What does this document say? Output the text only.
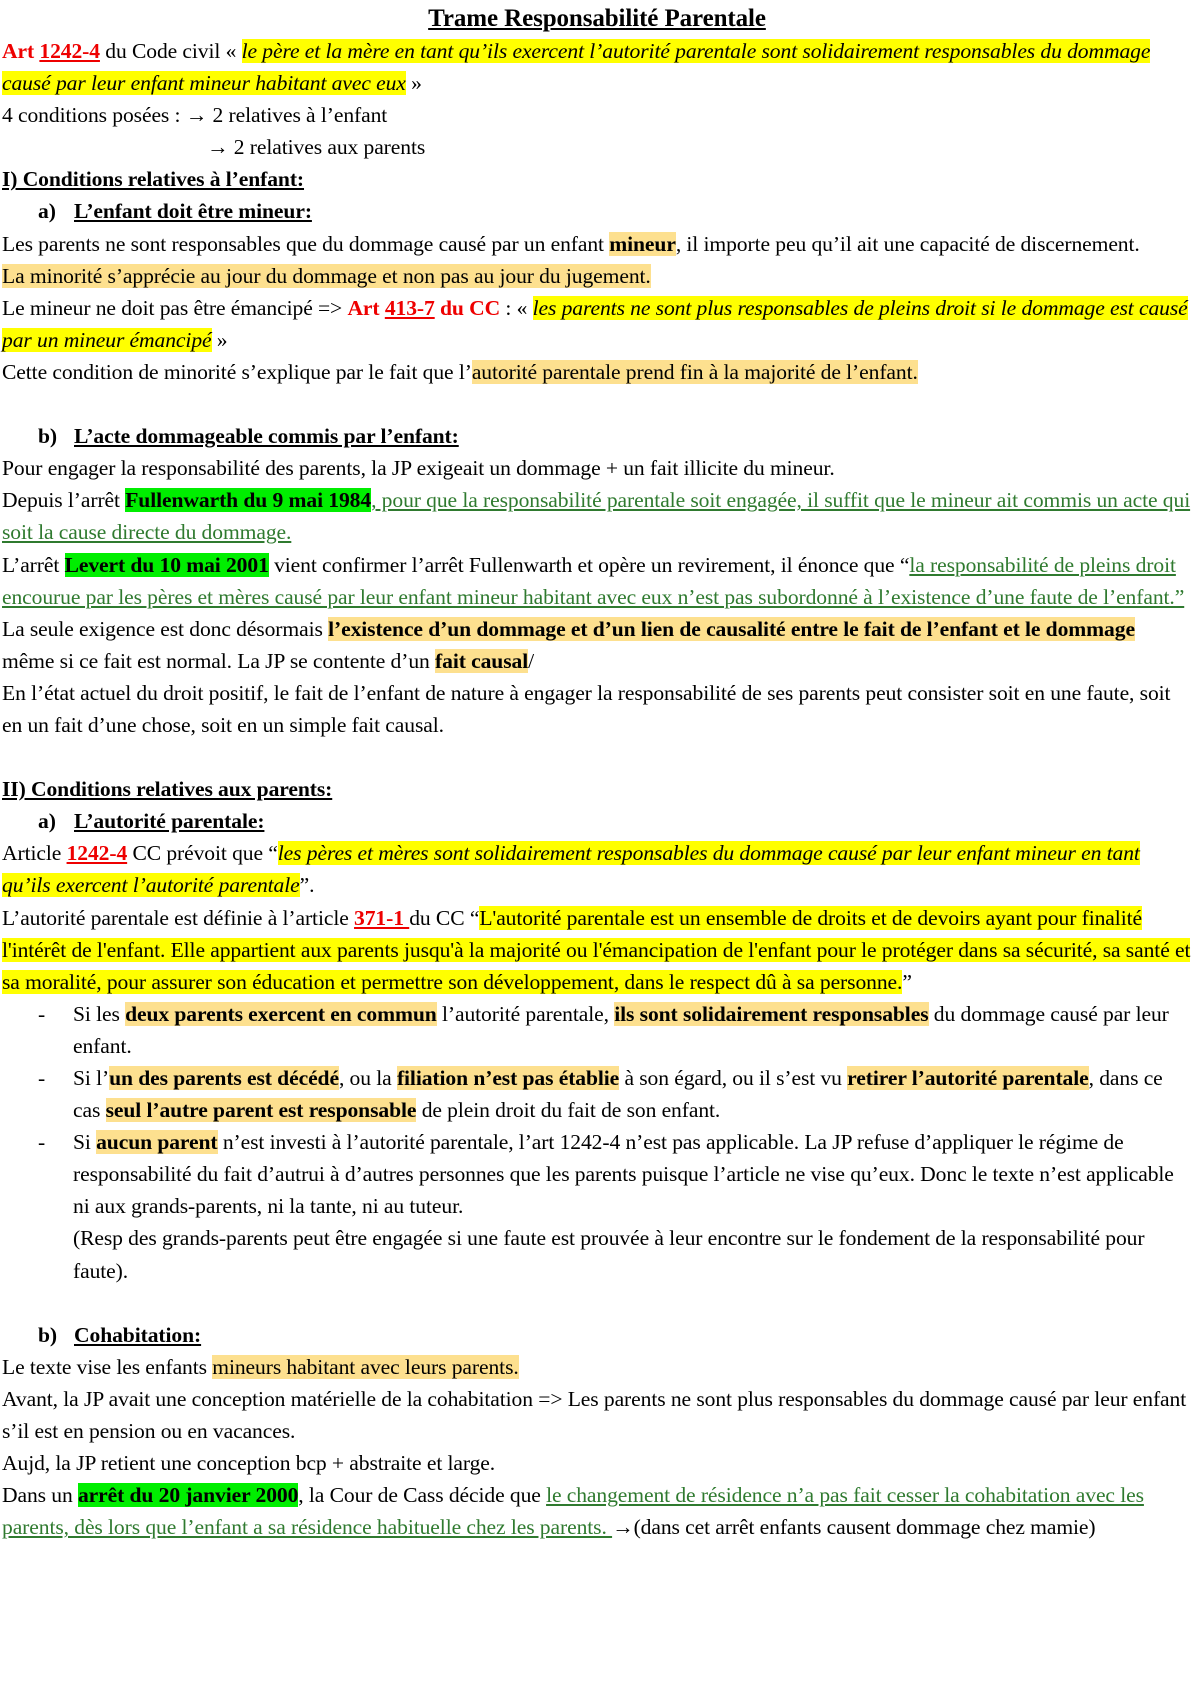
Trame Responsabilité Parentale

Art 1242-4 du Code civil « le père et la mère en tant qu’ils exercent l’autorité parentale sont solidairement responsables du dommage causé par leur enfant mineur habitant avec eux »

4 conditions posées : → 2 relatives à l’enfant

→ 2 relatives aux parents

I) Conditions relatives à l’enfant:

a) L’enfant doit être mineur:

Les parents ne sont responsables que du dommage causé par un enfant mineur, il importe peu qu’il ait une capacité de discernement.

La minorité s’apprécie au jour du dommage et non pas au jour du jugement.

Le mineur ne doit pas être émancipé => Art 413-7 du CC : « les parents ne sont plus responsables de pleins droit si le dommage est causé par un mineur émancipé »

Cette condition de minorité s’explique par le fait que l’autorité parentale prend fin à la majorité de l’enfant.

b) L’acte dommageable commis par l’enfant:

Pour engager la responsabilité des parents, la JP exigeait un dommage + un fait illicite du mineur.

Depuis l’arrêt Fullenwarth du 9 mai 1984, pour que la responsabilité parentale soit engagée, il suffit que le mineur ait commis un acte qui soit la cause directe du dommage.

L’arrêt Levert du 10 mai 2001 vient confirmer l’arrêt Fullenwarth et opère un revirement, il énonce que “la responsabilité de pleins droit encourue par les pères et mères causé par leur enfant mineur habitant avec eux n’est pas subordonné à l’existence d’une faute de l’enfant.”

La seule exigence est donc désormais l’existence d’un dommage et d’un lien de causalité entre le fait de l’enfant et le dommage même si ce fait est normal. La JP se contente d’un fait causal/

En l’état actuel du droit positif, le fait de l’enfant de nature à engager la responsabilité de ses parents peut consister soit en une faute, soit en un fait d’une chose, soit en un simple fait causal.

II) Conditions relatives aux parents:

a) L’autorité parentale:

Article 1242-4 CC prévoit que “les pères et mères sont solidairement responsables du dommage causé par leur enfant mineur en tant qu’ils exercent l’autorité parentale”.

L’autorité parentale est définie à l’article 371-1 du CC “L'autorité parentale est un ensemble de droits et de devoirs ayant pour finalité l'intérêt de l'enfant. Elle appartient aux parents jusqu'à la majorité ou l'émancipation de l'enfant pour le protéger dans sa sécurité, sa santé et sa moralité, pour assurer son éducation et permettre son développement, dans le respect dû à sa personne.”

- Si les deux parents exercent en commun l’autorité parentale, ils sont solidairement responsables du dommage causé par leur enfant.

- Si l’un des parents est décédé, ou la filiation n’est pas établie à son égard, ou il s’est vu retirer l’autorité parentale, dans ce cas seul l’autre parent est responsable de plein droit du fait de son enfant.

- Si aucun parent n’est investi à l’autorité parentale, l’art 1242-4 n’est pas applicable. La JP refuse d’appliquer le régime de responsabilité du fait d’autrui à d’autres personnes que les parents puisque l’article ne vise qu’eux. Donc le texte n’est applicable ni aux grands-parents, ni la tante, ni au tuteur.

(Resp des grands-parents peut être engagée si une faute est prouvée à leur encontre sur le fondement de la responsabilité pour faute).

b) Cohabitation:

Le texte vise les enfants mineurs habitant avec leurs parents.

Avant, la JP avait une conception matérielle de la cohabitation => Les parents ne sont plus responsables du dommage causé par leur enfant s’il est en pension ou en vacances.

Aujd, la JP retient une conception bcp + abstraite et large.

Dans un arrêt du 20 janvier 2000, la Cour de Cass décide que le changement de résidence n’a pas fait cesser la cohabitation avec les parents, dès lors que l’enfant a sa résidence habituelle chez les parents. →(dans cet arrêt enfants causent dommage chez mamie)
